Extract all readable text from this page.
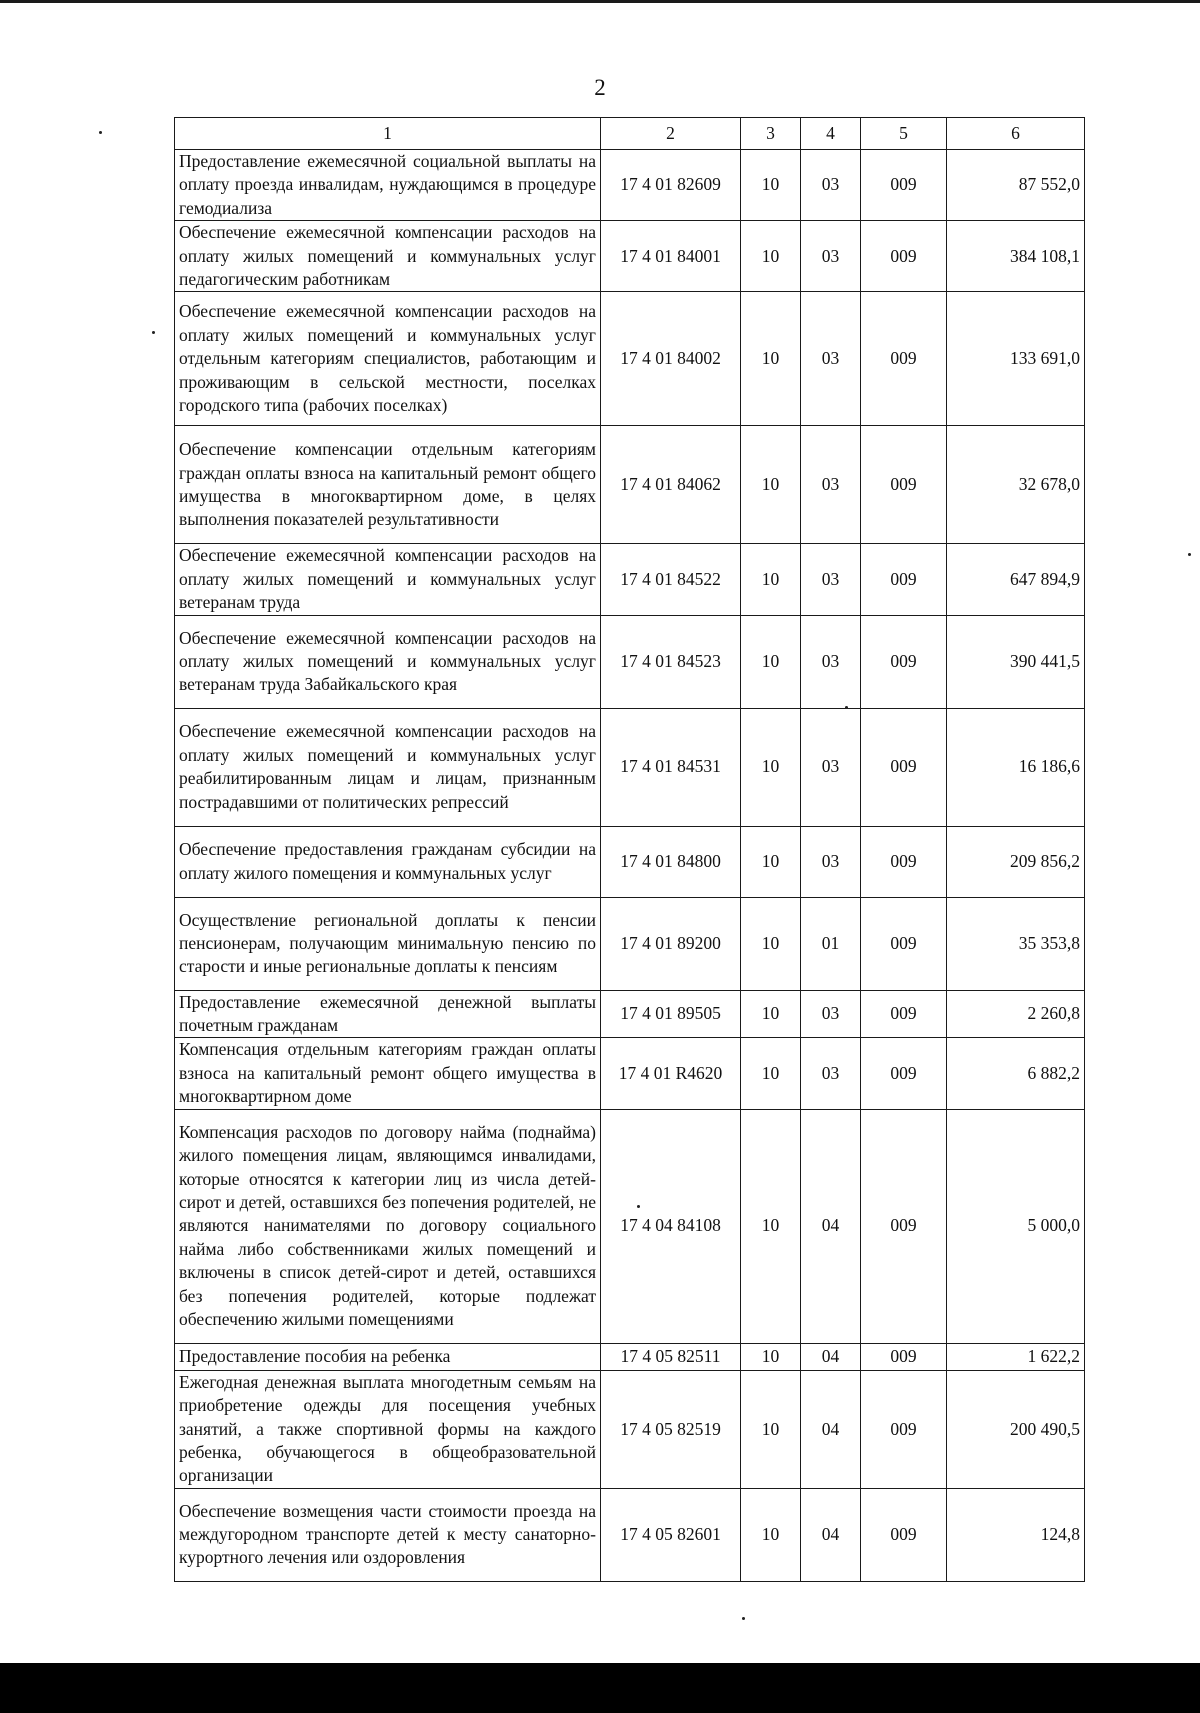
2
1	2	3	4	5	6
Предоставление ежемесячной социальной выплаты на оплату проезда инвалидам, нуждающимся в процедуре гемодиализа	17 4 01 82609	10	03	009	87 552,0
Обеспечение ежемесячной компенсации расходов на оплату жилых помещений и коммунальных услуг педагогическим работникам	17 4 01 84001	10	03	009	384 108,1
Обеспечение ежемесячной компенсации расходов на оплату жилых помещений и коммунальных услуг отдельным категориям специалистов, работающим и проживающим в сельской местности, поселках городского типа (рабочих поселках)	17 4 01 84002	10	03	009	133 691,0
Обеспечение компенсации отдельным категориям граждан оплаты взноса на капитальный ремонт общего имущества в многоквартирном доме, в целях выполнения показателей результативности	17 4 01 84062	10	03	009	32 678,0
Обеспечение ежемесячной компенсации расходов на оплату жилых помещений и коммунальных услуг ветеранам труда	17 4 01 84522	10	03	009	647 894,9
Обеспечение ежемесячной компенсации расходов на оплату жилых помещений и коммунальных услуг ветеранам труда Забайкальского края	17 4 01 84523	10	03	009	390 441,5
Обеспечение ежемесячной компенсации расходов на оплату жилых помещений и коммунальных услуг реабилитированным лицам и лицам, признанным пострадавшими от политических репрессий	17 4 01 84531	10	03	009	16 186,6
Обеспечение предоставления гражданам субсидии на оплату жилого помещения и коммунальных услуг	17 4 01 84800	10	03	009	209 856,2
Осуществление региональной доплаты к пенсии пенсионерам, получающим минимальную пенсию по старости и иные региональные доплаты к пенсиям	17 4 01 89200	10	01	009	35 353,8
Предоставление ежемесячной денежной выплаты почетным гражданам	17 4 01 89505	10	03	009	2 260,8
Компенсация отдельным категориям граждан оплаты взноса на капитальный ремонт общего имущества в многоквартирном доме	17 4 01 R4620	10	03	009	6 882,2
Компенсация расходов по договору найма (поднайма) жилого помещения лицам, являющимся инвалидами, которые относятся к категории лиц из числа детей-сирот и детей, оставшихся без попечения родителей, не являются нанимателями по договору социального найма либо собственниками жилых помещений и включены в список детей-сирот и детей, оставшихся без попечения родителей, которые подлежат обеспечению жилыми помещениями	17 4 04 84108	10	04	009	5 000,0
Предоставление пособия на ребенка	17 4 05 82511	10	04	009	1 622,2
Ежегодная денежная выплата многодетным семьям на приобретение одежды для посещения учебных занятий, а также спортивной формы на каждого ребенка, обучающегося в общеобразовательной организации	17 4 05 82519	10	04	009	200 490,5
Обеспечение возмещения части стоимости проезда на междугородном транспорте детей к месту санаторно-курортного лечения или оздоровления	17 4 05 82601	10	04	009	124,8
